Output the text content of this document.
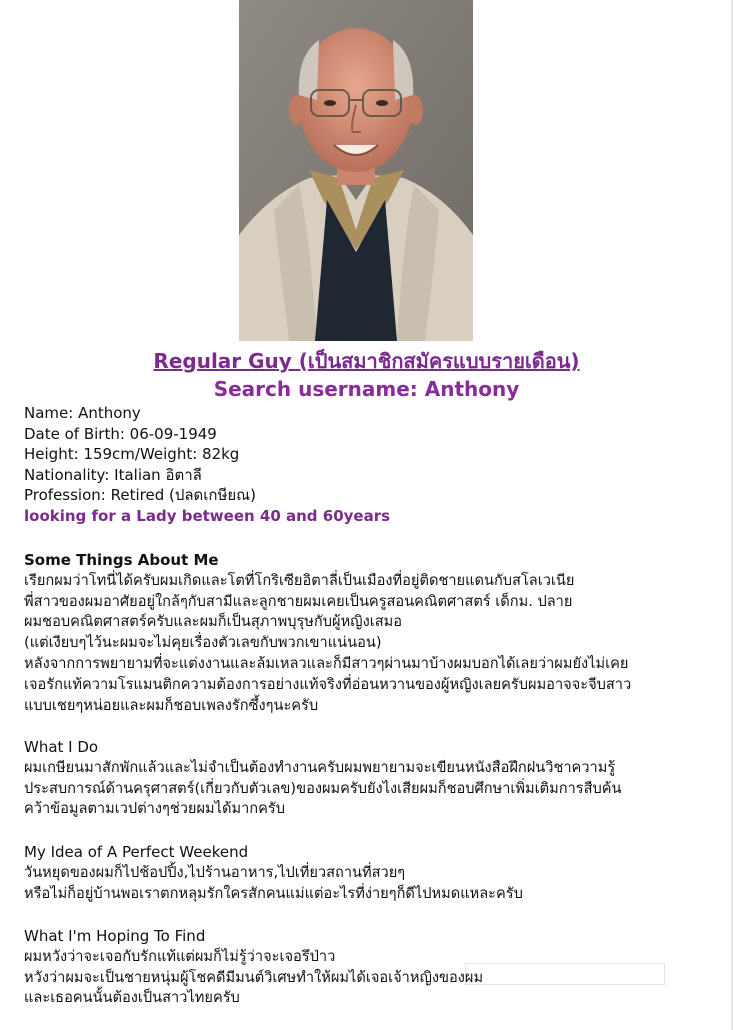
Regular Guy (เป็นสมาชิกสมัครแบบรายเดือน)
Search username: Anthony
Name: Anthony
Date of Birth: 06-09-1949
Height: 159cm/Weight: 82kg
Nationality: Italian อิตาลี
Profession: Retired (ปลดเกษียณ)
looking for a Lady between 40 and 60years
Some Things About Me
เรียกผมว่าโทนี่ได้ครับผมเกิดและโตที่โกริเซียอิตาลี่เป็นเมืองที่อยู่ติดชายแดนกับสโลเวเนีย
พี่สาวของผมอาศัยอยู่ใกล้ๆกับสามีและลูกชายผมเคยเป็นครูสอนคณิตศาสตร์ เด็กม. ปลาย
ผมชอบคณิตศาสตร์ครับและผมก็เป็นสุภาพบุรุษกับผู้หญิงเสมอ
(แต่เงียบๆไว้นะผมจะไม่คุยเรื่องตัวเลขกับพวกเขาแน่นอน)
หลังจากการพยายามที่จะแต่งงานและล้มเหลวและก็มีสาวๆผ่านมาบ้างผมบอกได้เลยว่าผมยังไม่เคย
เจอรักแท้ความโรแมนติกความต้องการอย่างแท้จริงที่อ่อนหวานของผู้หญิงเลยครับผมอาจจะจีบสาว
แบบเชยๆหน่อยและผมก็ชอบเพลงรักซึ้งๆนะครับ
What I Do
ผมเกษียนมาสักพักแล้วและไม่จำเป็นต้องทำงานครับผมพยายามจะเขียนหนังสือฝึกฝนวิชาความรู้
ประสบการณ์ด้านครุศาสตร์(เกี่ยวกับตัวเลข)ของผมครับยังไงเสียผมก็ชอบศึกษาเพิ่มเติมการสืบค้น
คว้าข้อมูลตามเวปต่างๆช่วยผมได้มากครับ
My Idea of A Perfect Weekend
วันหยุดของผมก็ไปช้อปปิ้ง,ไปร้านอาหาร,ไปเที่ยวสถานที่สวยๆ
หรือไม่ก็อยู่บ้านพอเราตกหลุมรักใครสักคนแม่แต่อะไรที่ง่ายๆก็ดีไปหมดแหละครับ
What I'm Hoping To Find
ผมหวังว่าจะเจอกับรักแท้แต่ผมก็ไม่รู้ว่าจะเจอรึป่าว
หวังว่าผมจะเป็นชายหนุ่มผู้โชคดีมีมนต์วิเศษทำให้ผมได้เจอเจ้าหญิงของผม
และเธอคนนั้นต้องเป็นสาวไทยครับ
